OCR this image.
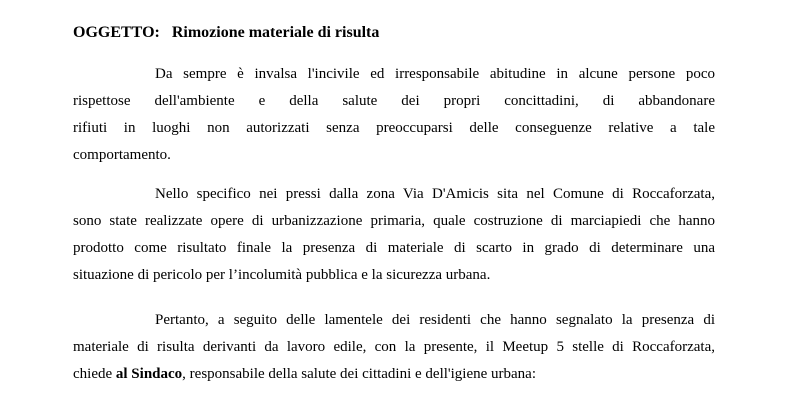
OGGETTO: Rimozione materiale di risulta
Da sempre è invalsa l'incivile ed irresponsabile abitudine in alcune persone poco
rispettose dell'ambiente e della salute dei propri concittadini, di abbandonare
rifiuti in luoghi non autorizzati senza preoccuparsi delle conseguenze relative a tale
comportamento.
Nello specifico nei pressi dalla zona Via D'Amicis sita nel Comune di Roccaforzata,
sono state realizzate opere di urbanizzazione primaria, quale costruzione di marciapiedi che hanno
prodotto come risultato finale la presenza di materiale di scarto in grado di determinare una
situazione di pericolo per l’incolumità pubblica e la sicurezza urbana.
Pertanto, a seguito delle lamentele dei residenti che hanno segnalato la presenza di
materiale di risulta derivanti da lavoro edile, con la presente, il Meetup 5 stelle di Roccaforzata,
chiede al Sindaco, responsabile della salute dei cittadini e dell'igiene urbana:
